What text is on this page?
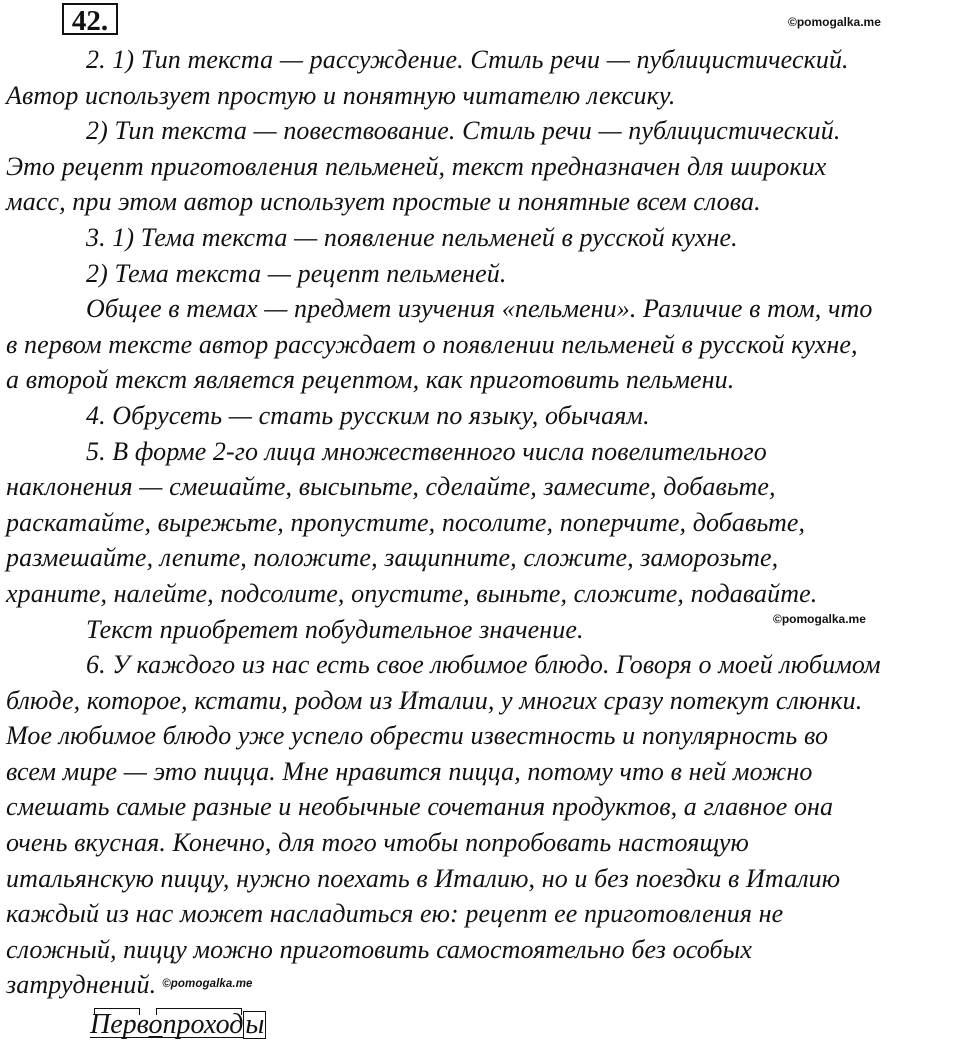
42.	©pomogalka.me
©pomogalka.me
2. 1) Тип текста — рассуждение. Стиль речи — публицистический.
Автор использует простую и понятную читателю лексику.
2) Тип текста — повествование. Стиль речи — публицистический.
Это рецепт приготовления пельменей, текст предназначен для широких
масс, при этом автор использует простые и понятные всем слова.
3. 1) Тема текста — появление пельменей в русской кухне.
2) Тема текста — рецепт пельменей.
Общее в темах — предмет изучения «пельмени». Различие в том, что
в первом тексте автор рассуждает о появлении пельменей в русской кухне,
а второй текст является рецептом, как приготовить пельмени.
4. Обрусеть — стать русским по языку, обычаям.
5. В форме 2-го лица множественного числа повелительного
наклонения — смешайте, высыпьте, сделайте, замесите, добавьте,
раскатайте, вырежьте, пропустите, посолите, поперчите, добавьте,
размешайте, лепите, положите, защипните, сложите, заморозьте,
храните, налейте, подсолите, опустите, выньте, сложите, подавайте.
Текст приобретет побудительное значение.
6. У каждого из нас есть свое любимое блюдо. Говоря о моей любимом
блюде, которое, кстати, родом из Италии, у многих сразу потекут слюнки.
Мое любимое блюдо уже успело обрести известность и популярность во
всем мире — это пицца. Мне нравится пицца, потому что в ней можно
смешать самые разные и необычные сочетания продуктов, а главное она
очень вкусная. Конечно, для того чтобы попробовать настоящую
итальянскую пиццу, нужно поехать в Италию, но и без поездки в Италию
каждый из нас может насладиться ею: рецепт ее приготовления не
сложный, пиццу можно приготовить самостоятельно без особых
затруднений. $^{©pomogalka.me}$
Первопроход
ы
